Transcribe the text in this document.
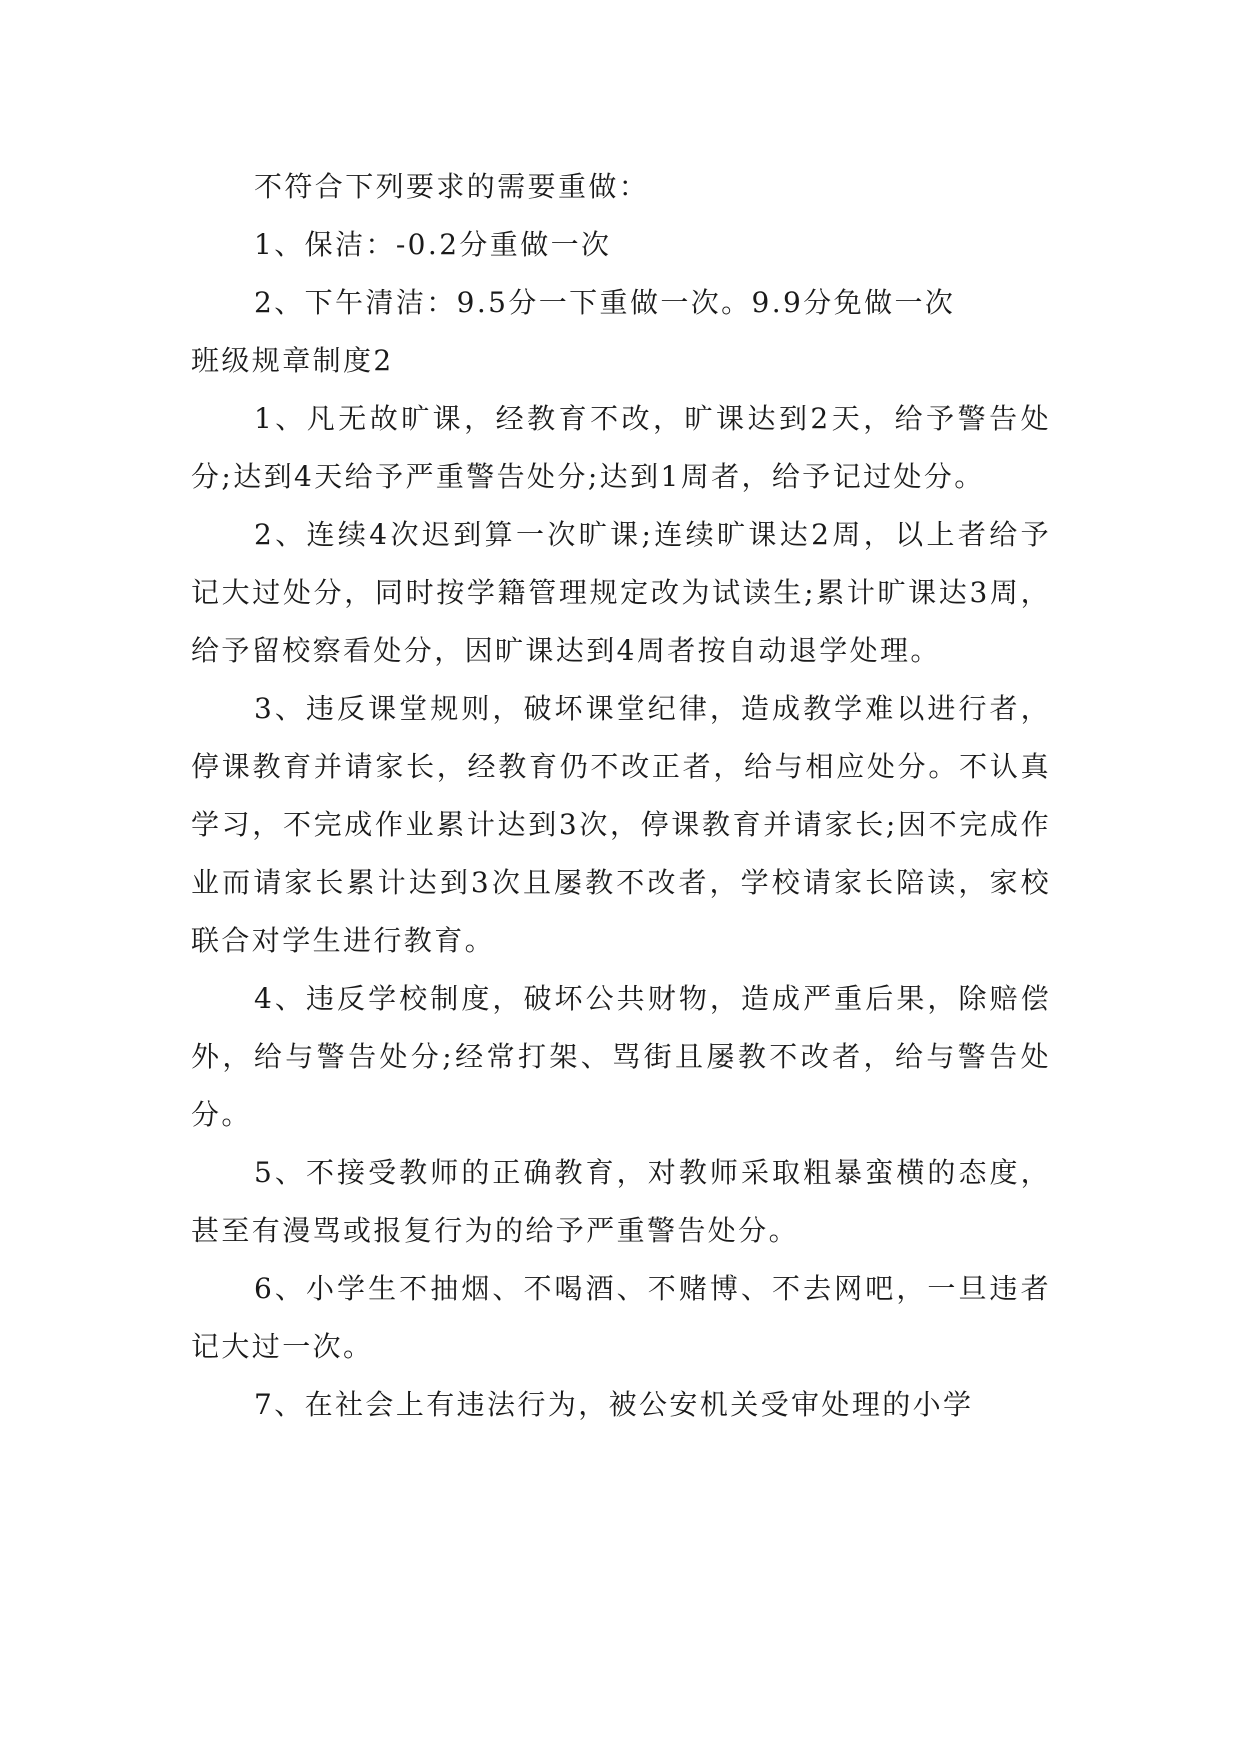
不符合下列要求的需要重做：

1、保洁：-0.2分重做一次

2、下午清洁：9.5分一下重做一次。9.9分免做一次

班级规章制度2

1、凡无故旷课，经教育不改，旷课达到2天，给予警告处分;达到4天给予严重警告处分;达到1周者，给予记过处分。

2、连续4次迟到算一次旷课;连续旷课达2周，以上者给予记大过处分，同时按学籍管理规定改为试读生;累计旷课达3周，给予留校察看处分，因旷课达到4周者按自动退学处理。

3、违反课堂规则，破坏课堂纪律，造成教学难以进行者，停课教育并请家长，经教育仍不改正者，给与相应处分。不认真学习，不完成作业累计达到3次，停课教育并请家长;因不完成作业而请家长累计达到3次且屡教不改者，学校请家长陪读，家校联合对学生进行教育。

4、违反学校制度，破坏公共财物，造成严重后果，除赔偿外，给与警告处分;经常打架、骂街且屡教不改者，给与警告处分。

5、不接受教师的正确教育，对教师采取粗暴蛮横的态度，甚至有漫骂或报复行为的给予严重警告处分。

6、小学生不抽烟、不喝酒、不赌博、不去网吧，一旦违者记大过一次。

7、在社会上有违法行为，被公安机关受审处理的小学
